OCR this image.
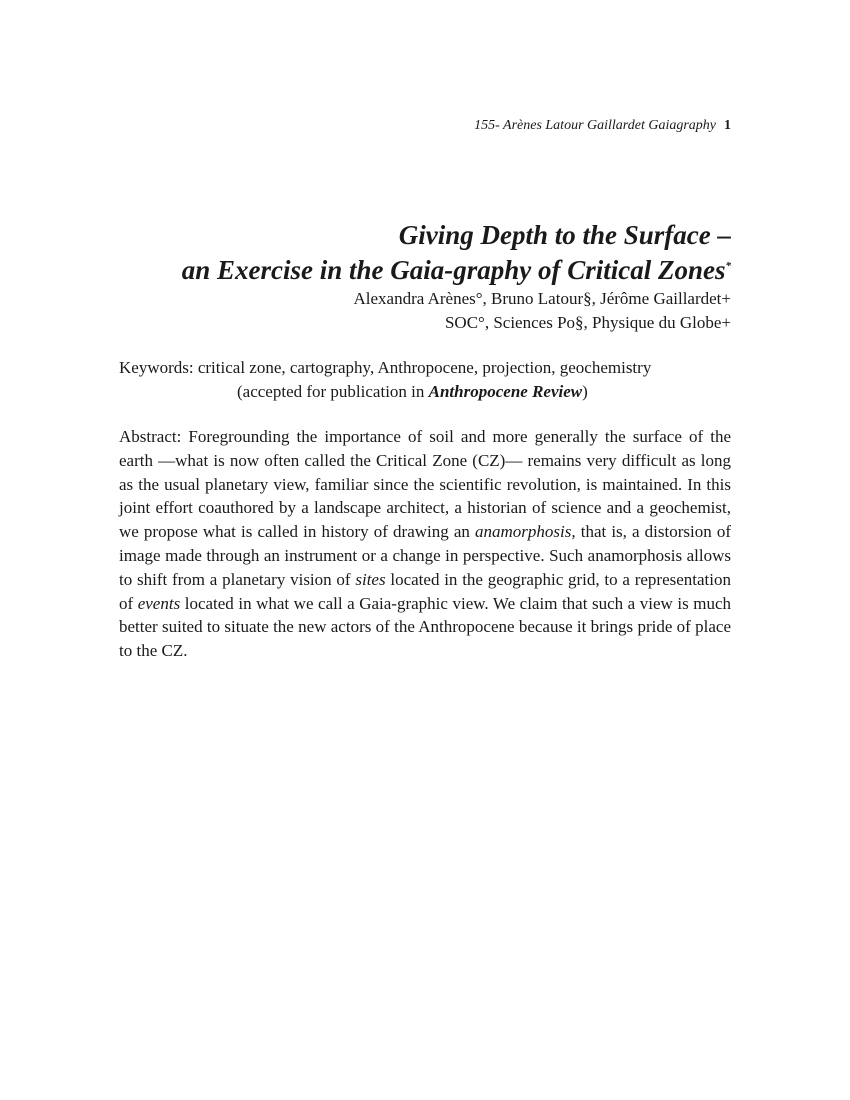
155- Arènes Latour Gaillardet Gaiagraphy 1
Giving Depth to the Surface –
an Exercise in the Gaia-graphy of Critical Zones*
Alexandra Arènes°, Bruno Latour§, Jérôme Gaillardet+
SOC°, Sciences Po§, Physique du Globe+
Keywords: critical zone, cartography, Anthropocene, projection, geochemistry
(accepted for publication in Anthropocene Review)

Abstract: Foregrounding the importance of soil and more generally the surface of the earth —what is now often called the Critical Zone (CZ)— remains very difficult as long as the usual planetary view, familiar since the scientific revolution, is maintained. In this joint effort coauthored by a landscape architect, a historian of science and a geochemist, we propose what is called in history of drawing an anamorphosis, that is, a distorsion of image made through an instrument or a change in perspective. Such anamorphosis allows to shift from a planetary vision of sites located in the geographic grid, to a representation of events located in what we call a Gaia-graphic view. We claim that such a view is much better suited to situate the new actors of the Anthropocene because it brings pride of place to the CZ.
